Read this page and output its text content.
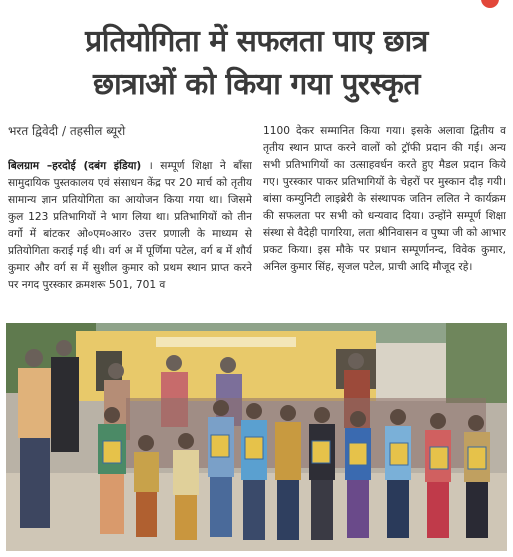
प्रतियोगिता में सफलता पाए छात्र
छात्राओं को किया गया पुरस्कृत
भरत द्विवेदी / तहसील ब्यूरो
बिलग्राम –हरदोई (दबंग इंडिया) । सम्पूर्ण शिक्षा ने बाँसा सामुदायिक पुस्तकालय एवं संसाधन केंद्र पर 20 मार्च को तृतीय सामान्य ज्ञान प्रतियोगिता का आयोजन किया गया था। जिसमे कुल 123 प्रतिभागियों ने भाग लिया था। प्रतिभागियों को तीन वर्गो में बांटकर ओ०एम०आर० उत्तर प्रणाली के माध्यम से प्रतियोगिता कराई गई थी। वर्ग अ में पूर्णिमा पटेल, वर्ग ब में शौर्य कुमार और वर्ग स में सुशील कुमार को प्रथम स्थान प्राप्त करने पर नगद पुरस्कार क्रमशरू 501, 701 व
1100 देकर सम्मानित किया गया। इसके अलावा द्वितीय व तृतीय स्थान प्राप्त करने वालों को ट्रॉफी प्रदान की गई। अन्य सभी प्रतिभागियों का उत्साहवर्धन करते हुए मैडल प्रदान किये गए। पुरस्कार पाकर प्रतिभागियों के चेहरों पर मुस्कान दौड़ गयी। बांसा कम्युनिटी लाइब्रेरी के संस्थापक जतिन ललित ने कार्यक्रम की सफलता पर सभी को धन्यवाद दिया। उन्होंने सम्पूर्ण शिक्षा संस्था से वैदेही पागरिया, लता श्रीनिवासन व पुष्पा जी को आभार प्रकट किया। इस मौके पर प्रधान सम्पूर्णानन्द, विवेक कुमार, अनिल कुमार सिंह, सृजल पटेल, प्राची आदि मौजूद रहे।
